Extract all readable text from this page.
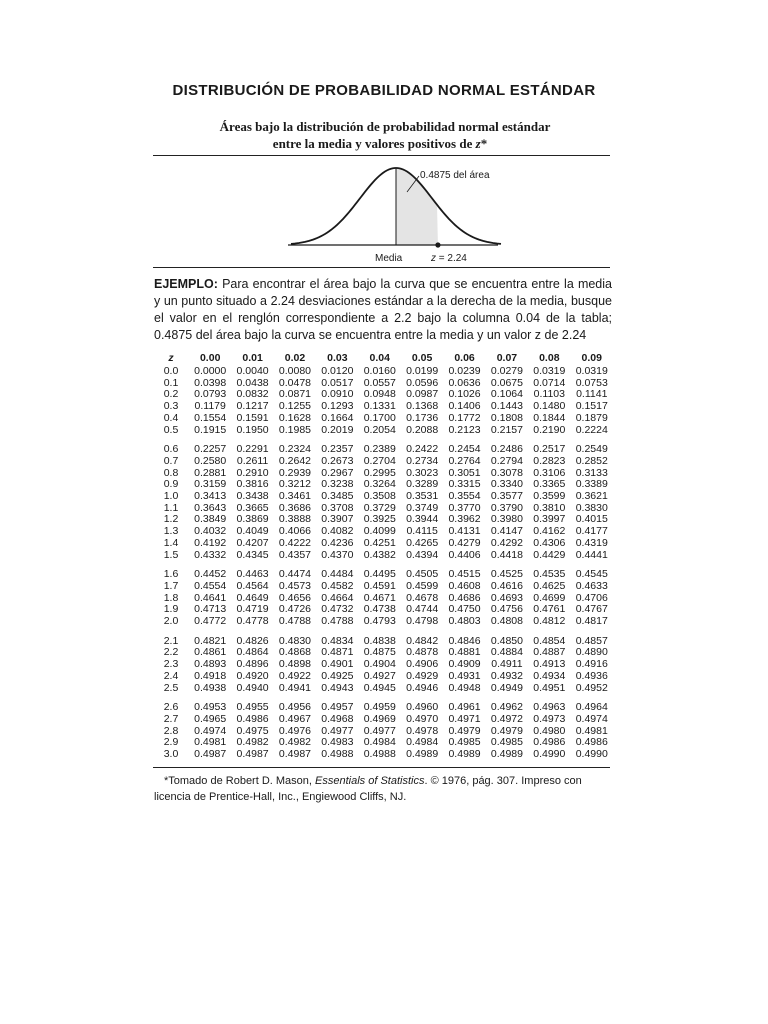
DISTRIBUCIÓN DE PROBABILIDAD NORMAL ESTÁNDAR
Áreas bajo la distribución de probabilidad normal estándar

entre la media y valores positivos de z*
0.4875 del área
Media	z = 2.24
EJEMPLO: Para encontrar el área bajo la curva que se encuentra entre la media y un punto situado a 2.24 desviaciones estándar a la derecha de la media, busque el valor en el renglón correspondiente a 2.2 bajo la columna 0.04 de la tabla; 0.4875 del área bajo la curva se encuentra entre la media y un valor z de 2.24
z	0.00	0.01	0.02	0.03	0.04	0.05	0.06	0.07	0.08	0.09
0.0	0.0000	0.0040	0.0080	0.0120	0.0160	0.0199	0.0239	0.0279	0.0319	0.0319
0.1	0.0398	0.0438	0.0478	0.0517	0.0557	0.0596	0.0636	0.0675	0.0714	0.0753
0.2	0.0793	0.0832	0.0871	0.0910	0.0948	0.0987	0.1026	0.1064	0.1103	0.1141
0.3	0.1179	0.1217	0.1255	0.1293	0.1331	0.1368	0.1406	0.1443	0.1480	0.1517
0.4	0.1554	0.1591	0.1628	0.1664	0.1700	0.1736	0.1772	0.1808	0.1844	0.1879
0.5	0.1915	0.1950	0.1985	0.2019	0.2054	0.2088	0.2123	0.2157	0.2190	0.2224
0.6	0.2257	0.2291	0.2324	0.2357	0.2389	0.2422	0.2454	0.2486	0.2517	0.2549
0.7	0.2580	0.2611	0.2642	0.2673	0.2704	0.2734	0.2764	0.2794	0.2823	0.2852
0.8	0.2881	0.2910	0.2939	0.2967	0.2995	0.3023	0.3051	0.3078	0.3106	0.3133
0.9	0.3159	0.3816	0.3212	0.3238	0.3264	0.3289	0.3315	0.3340	0.3365	0.3389
1.0	0.3413	0.3438	0.3461	0.3485	0.3508	0.3531	0.3554	0.3577	0.3599	0.3621
1.1	0.3643	0.3665	0.3686	0.3708	0.3729	0.3749	0.3770	0.3790	0.3810	0.3830
1.2	0.3849	0.3869	0.3888	0.3907	0.3925	0.3944	0.3962	0.3980	0.3997	0.4015
1.3	0.4032	0.4049	0.4066	0.4082	0.4099	0.4115	0.4131	0.4147	0.4162	0.4177
1.4	0.4192	0.4207	0.4222	0.4236	0.4251	0.4265	0.4279	0.4292	0.4306	0.4319
1.5	0.4332	0.4345	0.4357	0.4370	0.4382	0.4394	0.4406	0.4418	0.4429	0.4441
1.6	0.4452	0.4463	0.4474	0.4484	0.4495	0.4505	0.4515	0.4525	0.4535	0.4545
1.7	0.4554	0.4564	0.4573	0.4582	0.4591	0.4599	0.4608	0.4616	0.4625	0.4633
1.8	0.4641	0.4649	0.4656	0.4664	0.4671	0.4678	0.4686	0.4693	0.4699	0.4706
1.9	0.4713	0.4719	0.4726	0.4732	0.4738	0.4744	0.4750	0.4756	0.4761	0.4767
2.0	0.4772	0.4778	0.4788	0.4788	0.4793	0.4798	0.4803	0.4808	0.4812	0.4817
2.1	0.4821	0.4826	0.4830	0.4834	0.4838	0.4842	0.4846	0.4850	0.4854	0.4857
2.2	0.4861	0.4864	0.4868	0.4871	0.4875	0.4878	0.4881	0.4884	0.4887	0.4890
2.3	0.4893	0.4896	0.4898	0.4901	0.4904	0.4906	0.4909	0.4911	0.4913	0.4916
2.4	0.4918	0.4920	0.4922	0.4925	0.4927	0.4929	0.4931	0.4932	0.4934	0.4936
2.5	0.4938	0.4940	0.4941	0.4943	0.4945	0.4946	0.4948	0.4949	0.4951	0.4952
2.6	0.4953	0.4955	0.4956	0.4957	0.4959	0.4960	0.4961	0.4962	0.4963	0.4964
2.7	0.4965	0.4986	0.4967	0.4968	0.4969	0.4970	0.4971	0.4972	0.4973	0.4974
2.8	0.4974	0.4975	0.4976	0.4977	0.4977	0.4978	0.4979	0.4979	0.4980	0.4981
2.9	0.4981	0.4982	0.4982	0.4983	0.4984	0.4984	0.4985	0.4985	0.4986	0.4986
3.0	0.4987	0.4987	0.4987	0.4988	0.4988	0.4989	0.4989	0.4989	0.4990	0.4990
*Tomado de Robert D. Mason, Essentials of Statistics. © 1976, pág. 307. Impreso con licencia de Prentice-Hall, Inc., Engiewood Cliffs, NJ.
